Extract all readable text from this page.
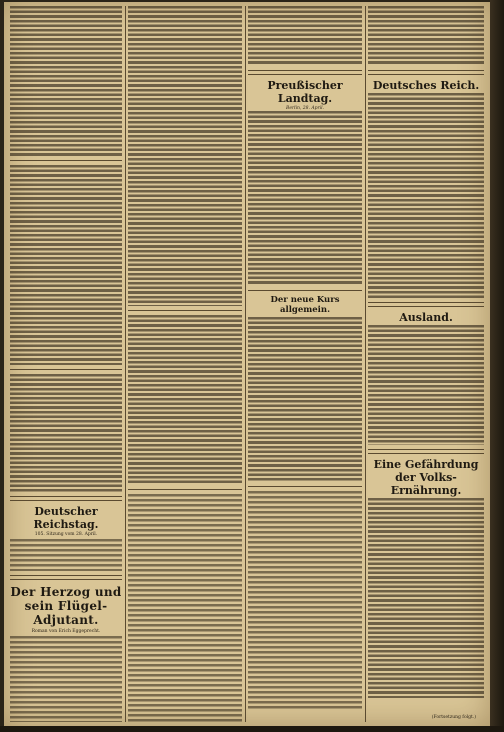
Deutscher Reichstag.
105. Sitzung vom 28. April.
Der Herzog und sein Flügel-Adjutant.
Roman von Erich Eggeprecht.
Preußischer Landtag.
Berlin, 28. April.
Der neue Kurs allgemein.
Deutsches Reich.
Ausland.
Eine Gefährdung der Volks-Ernährung.
(Fortsetzung folgt.)
